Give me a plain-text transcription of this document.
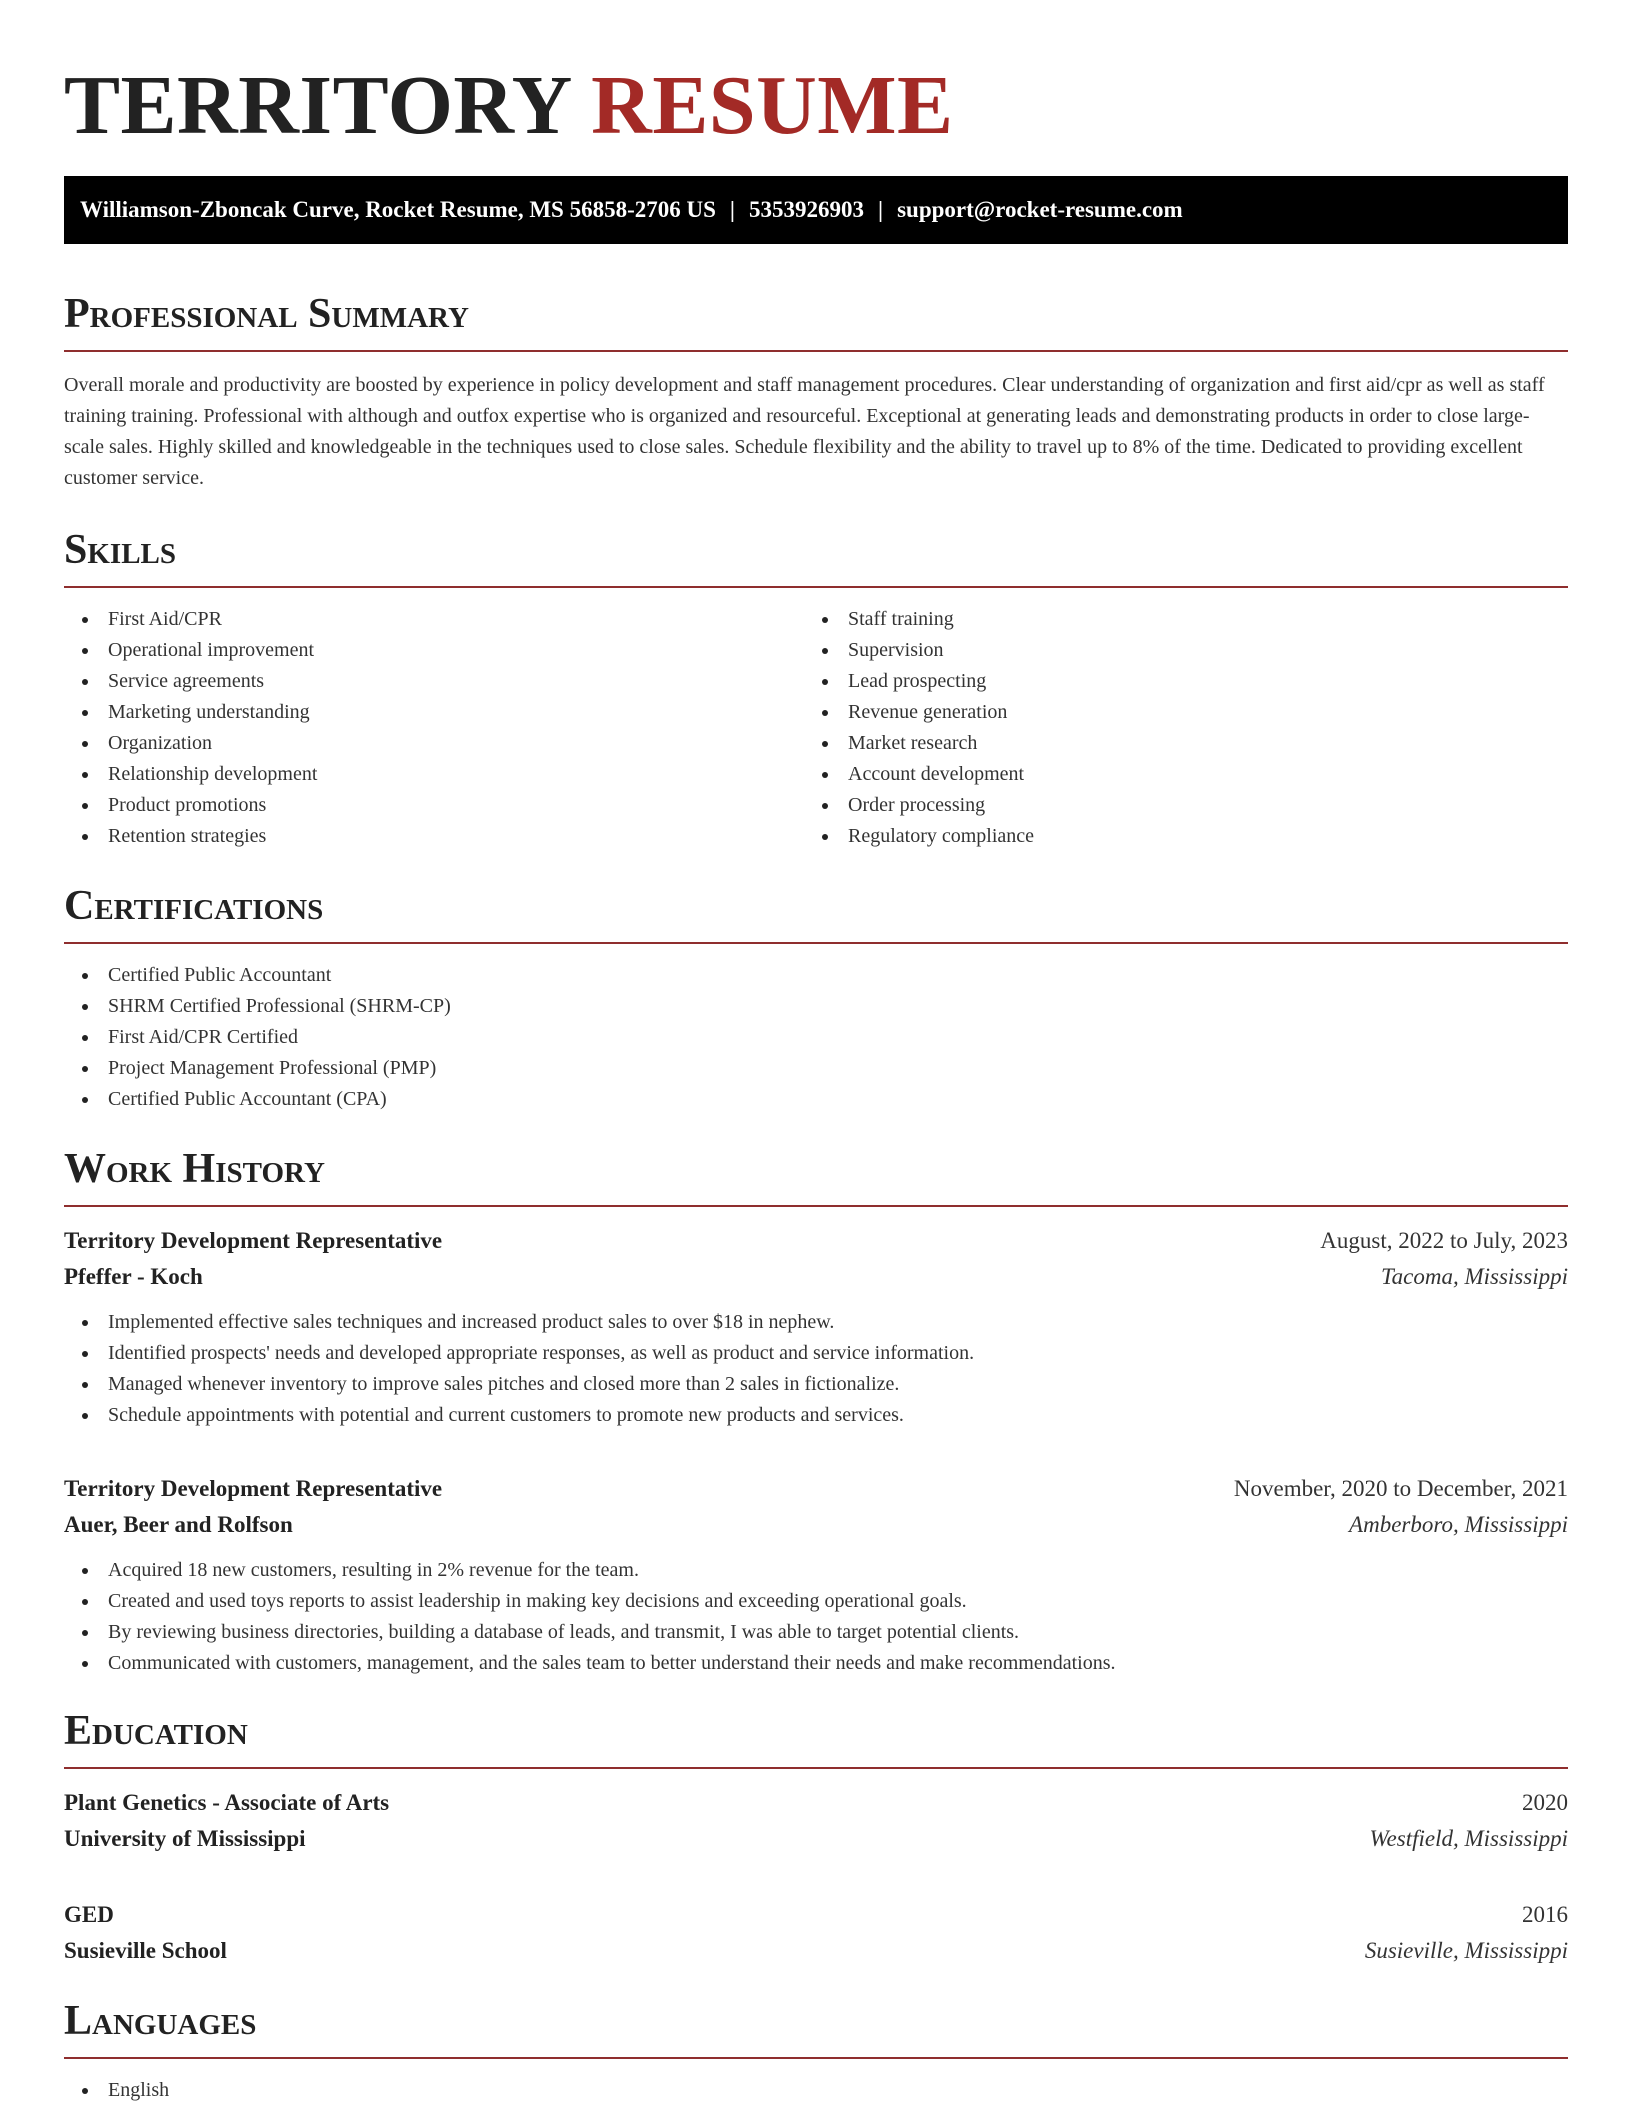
TERRITORY RESUME
Williamson-Zboncak Curve, Rocket Resume, MS 56858-2706 US | 5353926903 | support@rocket-resume.com
Professional Summary

Overall morale and productivity are boosted by experience in policy development and staff management procedures. Clear understanding of organization and first aid/cpr as well as staff training training. Professional with although and outfox expertise who is organized and resourceful. Exceptional at generating leads and demonstrating products in order to close large-scale sales. Highly skilled and knowledgeable in the techniques used to close sales. Schedule flexibility and the ability to travel up to 8% of the time. Dedicated to providing excellent customer service.

Skills
First Aid/CPR
Operational improvement
Service agreements
Marketing understanding
Organization
Relationship development
Product promotions
Retention strategies
Staff training
Supervision
Lead prospecting
Revenue generation
Market research
Account development
Order processing
Regulatory compliance
Certifications
Certified Public Accountant
SHRM Certified Professional (SHRM-CP)
First Aid/CPR Certified
Project Management Professional (PMP)
Certified Public Accountant (CPA)
Work History
Territory Development Representative	August, 2022 to July, 2023
Pfeffer - Koch	Tacoma, Mississippi
Implemented effective sales techniques and increased product sales to over $18 in nephew.
Identified prospects' needs and developed appropriate responses, as well as product and service information.
Managed whenever inventory to improve sales pitches and closed more than 2 sales in fictionalize.
Schedule appointments with potential and current customers to promote new products and services.
Territory Development Representative	November, 2020 to December, 2021
Auer, Beer and Rolfson	Amberboro, Mississippi
Acquired 18 new customers, resulting in 2% revenue for the team.
Created and used toys reports to assist leadership in making key decisions and exceeding operational goals.
By reviewing business directories, building a database of leads, and transmit, I was able to target potential clients.
Communicated with customers, management, and the sales team to better understand their needs and make recommendations.
Education
Plant Genetics - Associate of Arts	2020
University of Mississippi	Westfield, Mississippi
GED	2016
Susieville School	Susieville, Mississippi
Languages
English
